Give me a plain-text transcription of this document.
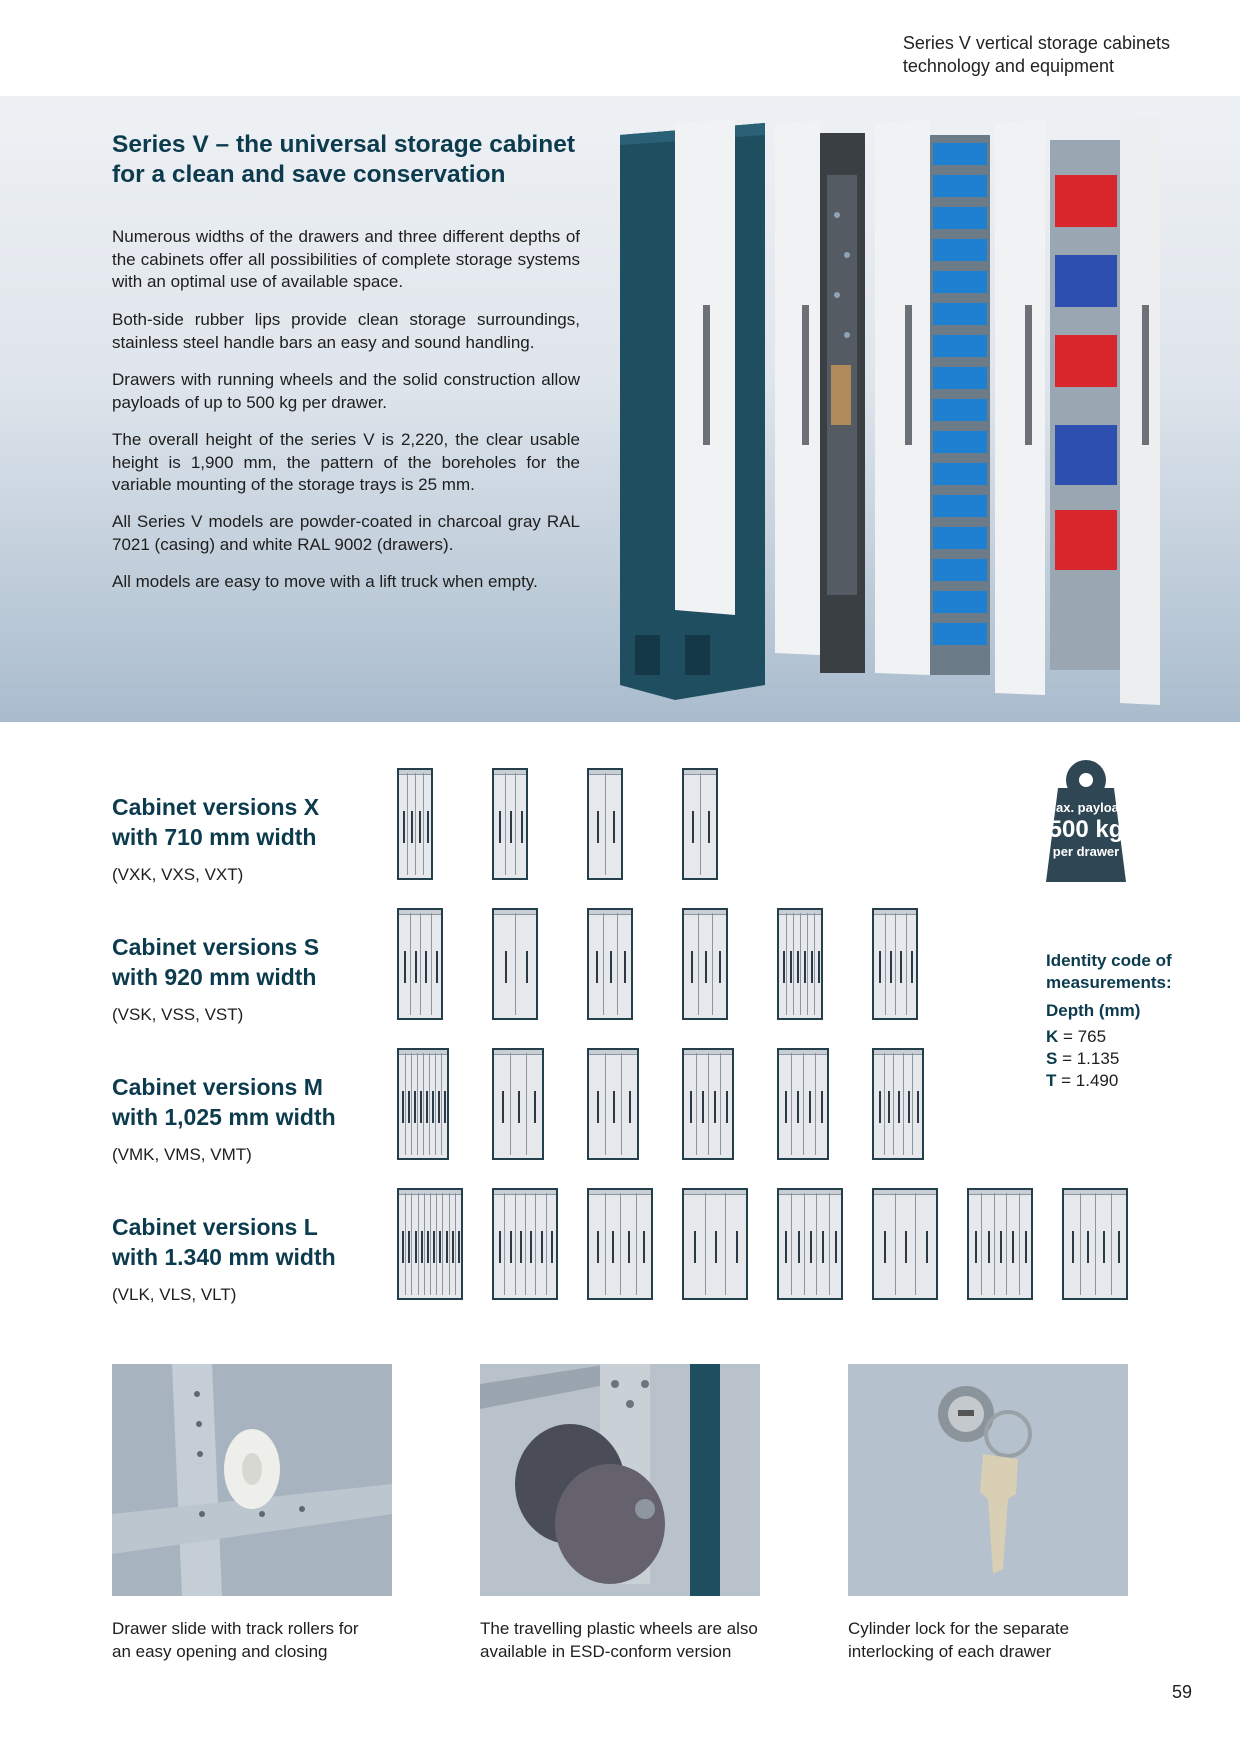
Series V vertical storage cabinets
technology and equipment
Series V – the universal storage cabinet
for a clean and save conservation

Numerous widths of the drawers and three different depths of the cabinets offer all possibilities of complete storage systems with an optimal use of available space.

Both-side rubber lips provide clean storage surroundings, stainless steel handle bars an easy and sound handling.

Drawers with running wheels and the solid construction allow payloads of up to 500 kg per drawer.

The overall height of the series V is 2,220, the clear usable height is 1,900 mm, the pattern of the boreholes for the variable mounting of the storage trays is 25 mm.

All Series V models are powder-coated in charcoal gray RAL 7021 (casing) and white RAL 9002 (drawers).

All models are easy to move with a lift truck when empty.

Cabinet versions X
with 710 mm width
(VXK, VXS, VXT)
Cabinet versions S
with 920 mm width
(VSK, VSS, VST)
Cabinet versions M
with 1,025 mm width
(VMK, VMS, VMT)
Cabinet versions L
with 1.340 mm width
(VLK, VLS, VLT)
Max. payload
500 kg
per drawer
Identity code of
measurements:
Depth (mm)
K = 765
S = 1.135
T = 1.490
Drawer slide with track rollers for
an easy opening and closing
The travelling plastic wheels are also
available in ESD-conform version
Cylinder lock for the separate
interlocking of each drawer
59
